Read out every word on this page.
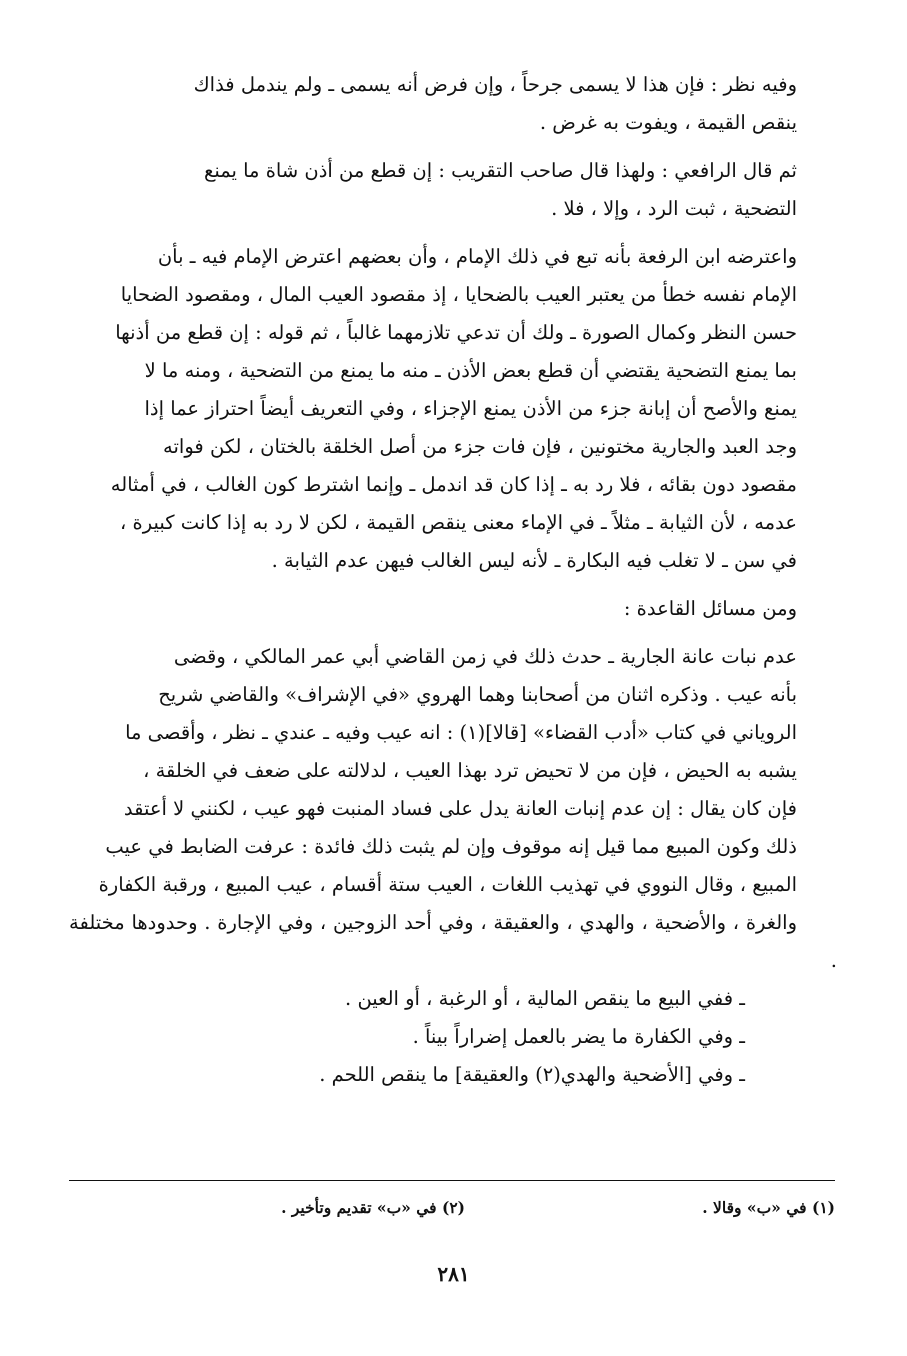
وفيه نظر : فإن هذا لا يسمى جرحاً ، وإن فرض أنه يسمى ـ ولم يندمل فذاك
ينقص القيمة ، ويفوت به غرض .

ثم قال الرافعي : ولهذا قال صاحب التقريب : إن قطع من أذن شاة ما يمنع
التضحية ، ثبت الرد ، وإلا ، فلا .

واعترضه ابن الرفعة بأنه تبع في ذلك الإمام ، وأن بعضهم اعترض الإمام فيه ـ بأن
الإمام نفسه خطأ من يعتبر العيب بالضحايا ، إذ مقصود العيب المال ، ومقصود الضحايا
حسن النظر وكمال الصورة ـ ولك أن تدعي تلازمهما غالباً ، ثم قوله : إن قطع من أذنها
بما يمنع التضحية يقتضي أن قطع بعض الأذن ـ منه ما يمنع من التضحية ، ومنه ما لا
يمنع والأصح أن إبانة جزء من الأذن يمنع الإجزاء ، وفي التعريف أيضاً احتراز عما إذا
وجد العبد والجارية مختونين ، فإن فات جزء من أصل الخلقة بالختان ، لكن فواته
مقصود دون بقائه ، فلا رد به ـ إذا كان قد اندمل ـ وإنما اشترط كون الغالب ، في أمثاله
عدمه ، لأن الثيابة ـ مثلاً ـ في الإماء معنى ينقص القيمة ، لكن لا رد به إذا كانت كبيرة ،
في سن ـ لا تغلب فيه البكارة ـ لأنه ليس الغالب فيهن عدم الثيابة .

ومن مسائل القاعدة :

عدم نبات عانة الجارية ـ حدث ذلك في زمن القاضي أبي عمر المالكي ، وقضى
بأنه عيب . وذكره اثنان من أصحابنا وهما الهروي «في الإشراف» والقاضي شريح
الروياني في كتاب «أدب القضاء» [قالا](١) : انه عيب وفيه ـ عندي ـ نظر ، وأقصى ما
يشبه به الحيض ، فإن من لا تحيض ترد بهذا العيب ، لدلالته على ضعف في الخلقة ،
فإن كان يقال : إن عدم إنبات العانة يدل على فساد المنبت فهو عيب ، لكنني لا أعتقد
ذلك وكون المبيع مما قيل إنه موقوف وإن لم يثبت ذلك فائدة : عرفت الضابط في عيب
المبيع ، وقال النووي في تهذيب اللغات ، العيب ستة أقسام ، عيب المبيع ، ورقبة الكفارة
والغرة ، والأضحية ، والهدي ، والعقيقة ، وفي أحد الزوجين ، وفي الإجارة . وحدودها مختلفة .

ـ ففي البيع ما ينقص المالية ، أو الرغبة ، أو العين .
ـ وفي الكفارة ما يضر بالعمل إضراراً بيناً .
ـ وفي [الأضحية والهدي(٢) والعقيقة] ما ينقص اللحم .
(١) في «ب» وقالا .
(٢) في «ب» تقديم وتأخير .
٢٨١
